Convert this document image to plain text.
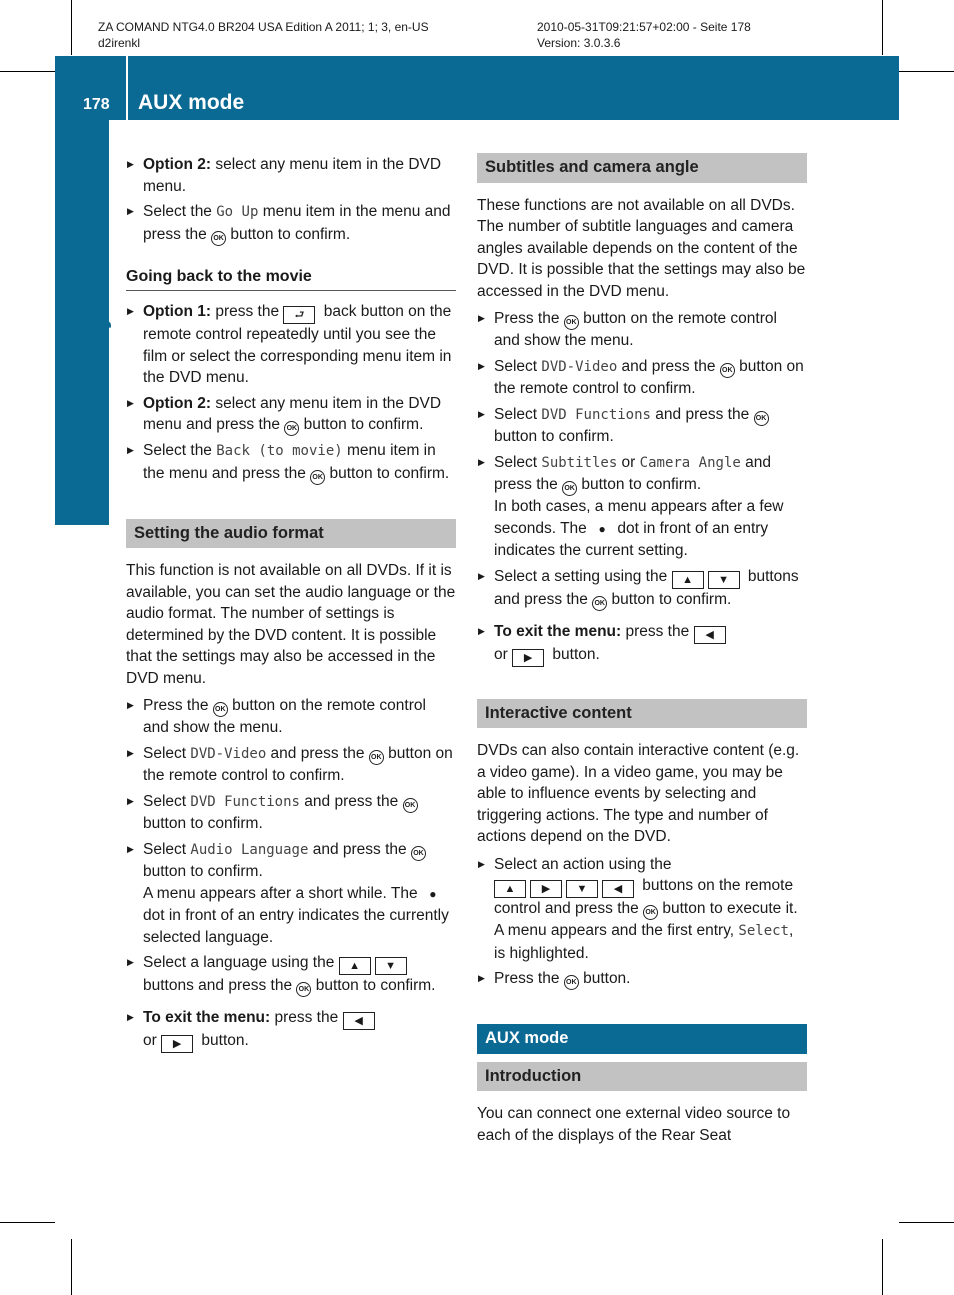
ZA COMAND NTG4.0 BR204 USA Edition A 2011; 1; 3, en-US
d2irenkl
2010-05-31T09:21:57+02:00 - Seite 178
Version: 3.0.3.6
178 AUX mode
Rear Seat System
▶ Option 2: select any menu item in the DVD menu.
▶ Select the Go Up menu item in the menu and press the OK button to confirm.
Going back to the movie
▶ Option 1: press the ⮐ back button on the remote control repeatedly until you see the film or select the corresponding menu item in the DVD menu.
▶ Option 2: select any menu item in the DVD menu and press the OK button to confirm.
▶ Select the Back (to movie) menu item in the menu and press the OK button to confirm.
Setting the audio format

This function is not available on all DVDs. If it is available, you can set the audio language or the audio format. The number of settings is determined by the DVD content. It is possible that the settings may also be accessed in the DVD menu.

▶ Press the OK button on the remote control and show the menu.
▶ Select DVD-Video and press the OK button on the remote control to confirm.
▶ Select DVD Functions and press the OK button to confirm.
▶ Select Audio Language and press the OK button to confirm.
A menu appears after a short while. The ● dot in front of an entry indicates the currently selected language.
▶ Select a language using the ▲ ▼ buttons and press the OK button to confirm.
▶ To exit the menu: press the ◀
or ▶ button.
Subtitles and camera angle

These functions are not available on all DVDs. The number of subtitle languages and camera angles available depends on the content of the DVD. It is possible that the settings may also be accessed in the DVD menu.

▶ Press the OK button on the remote control and show the menu.
▶ Select DVD-Video and press the OK button on the remote control to confirm.
▶ Select DVD Functions and press the OK button to confirm.
▶ Select Subtitles or Camera Angle and press the OK button to confirm.
In both cases, a menu appears after a few seconds. The ● dot in front of an entry indicates the current setting.
▶ Select a setting using the ▲ ▼ buttons and press the OK button to confirm.
▶ To exit the menu: press the ◀
or ▶ button.
Interactive content

DVDs can also contain interactive content (e.g. a video game). In a video game, you may be able to influence events by selecting and triggering actions. The type and number of actions depend on the DVD.

▶ Select an action using the
▲ ▶ ▼ ◀ buttons on the remote control and press the OK button to execute it.
A menu appears and the first entry, Select, is highlighted.
▶ Press the OK button.
AUX mode
Introduction

You can connect one external video source to each of the displays of the Rear Seat
